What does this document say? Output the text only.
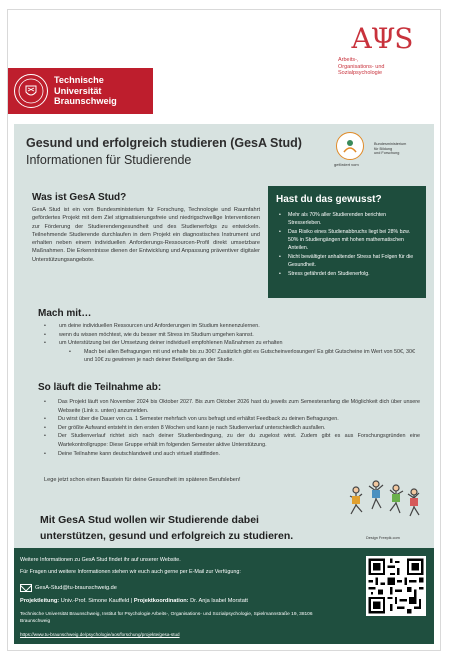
Technische
Universität
Braunschweig
AΨS
Arbeits-,
Organisations- und
Sozialpsychologie
Gesund und erfolgreich studieren (GesA Stud)
Informationen für Studierende	gefördert vom
Bundesministerium
für Bildung
und Forschung
Was ist GesA Stud?
GesA Stud ist ein vom Bundesministerium für Forschung, Technologie und Raumfahrt gefördertes Projekt mit dem Ziel stigmatisierungsfreie und niedrigschwellige Interventionen zur Förderung der Studierendengesundheit und des Studienerfolgs zu entwickeln. Teilnehmende Studierende durchlaufen in dem Projekt ein diagnostisches Instrument und erhalten neben einem individuellen Anforderungs-Ressourcen-Profil direkt umsetzbare Maßnahmen. Die Erkenntnisse dienen der Entwicklung und Anpassung präventiver digitaler Unterstützungsangebote.
Hast du das gewusst?
• Mehr als 70% aller Studierenden berichten Stresserleben.
• Das Risiko eines Studienabbruchs liegt bei 28% bzw. 50% in Studiengängen mit hohen mathematischen Anteilen.
• Nicht bewältigter anhaltender Stress hat Folgen für die Gesundheit.
• Stress gefährdet den Studienerfolg.
Mach mit…
• um deine individuellen Ressourcen und Anforderungen im Studium kennenzulernen.
• wenn du wissen möchtest, wie du besser mit Stress im Studium umgehen kannst.
• um Unterstützung bei der Umsetzung deiner individuell empfohlenen Maßnahmen zu erhalten
• Mach bei allen Befragungen mit und erhalte bis zu 30€! Zusätzlich gibt es Gutscheinverlosungen! Es gibt Gutscheine im Wert von 50€, 30€ und 10€ zu gewinnen je nach deiner Beteiligung an der Studie.
So läuft die Teilnahme ab:
• Das Projekt läuft von November 2024 bis Oktober 2027. Bis zum Oktober 2026 hast du jeweils zum Semesteranfang die Möglichkeit dich über unsere Webseite (Link s. unten) anzumelden.
• Du wirst über die Dauer von ca. 1 Semester mehrfach von uns befragt und erhältst Feedback zu deinen Befragungen.
• Der größte Aufwand entsteht in den ersten 8 Wochen und kann je nach Studienverlauf unterschiedlich ausfallen.
• Der Studienverlauf richtet sich nach deiner Studienbedingung, zu der du zugelost wirst. Zudem gibt es aus Forschungsgründen eine Wartekontrollgruppe: Diese Gruppe erhält im folgenden Semester aktive Unterstützung.
• Deine Teilnahme kann deutschlandweit und auch virtuell stattfinden.
Lege jetzt schon einen Baustein für deine Gesundheit im späteren Berufsleben!
Mit GesA Stud wollen wir Studierende dabei unterstützen, gesund und erfolgreich zu studieren.	Design Freepik.com
Weitere Informationen zu GesA Stud findet ihr auf unserer Website.
Für Fragen und weitere Informationen stehen wir euch auch gerne per E-Mail zur Verfügung:
GesA-Stud@tu-braunschweig.de
Projektleitung: Univ.-Prof. Simone Kauffeld | Projektkoordination: Dr. Anja Isabel Morstatt
Technische Universität Braunschweig, Institut für Psychologie Arbeits-, Organisations- und Sozialpsychologie, Spielmannstraße 19, 38106 Braunschweig
https://www.tu-braunschweig.de/psychologie/aos/forschung/projekte/gesa-stud
